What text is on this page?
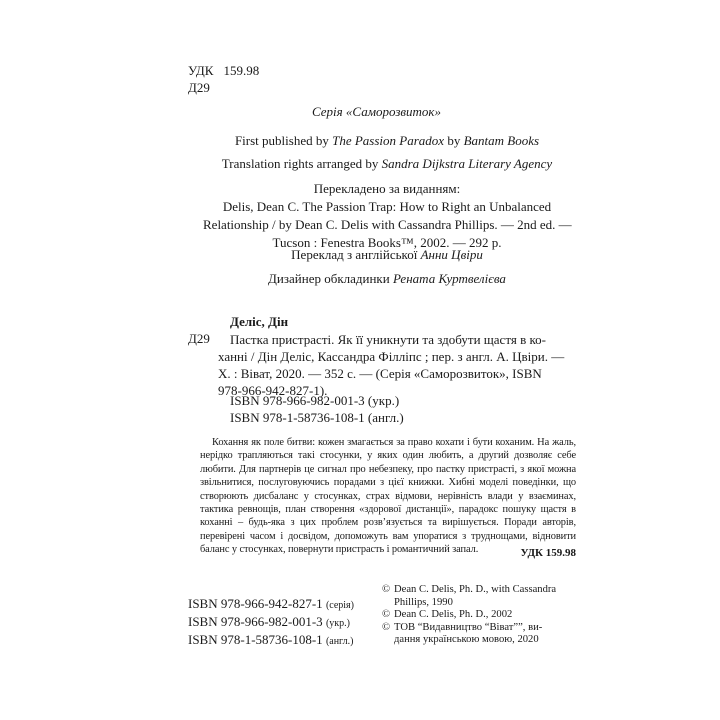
УДК 159.98
Д29
Серія «Саморозвиток»
First published by The Passion Paradox by Bantam Books
Translation rights arranged by Sandra Dijkstra Literary Agency
Перекладено за виданням:
Delis, Dean C. The Passion Trap: How to Right an Unbalanced
Relationship / by Dean C. Delis with Cassandra Phillips. — 2nd ed. —
Tucson : Fenestra Books™, 2002. — 292 p.
Переклад з англійської Анни Цвіри
Дизайнер обкладинки Рената Куртвелієва
Деліс, Дін
Д29 Пастка пристрасті. Як її уникнути та здобути щастя в ко-
ханні / Дін Деліс, Кассандра Філліпс ; пер. з англ. А. Цвіри. —
Х. : Віват, 2020. — 352 с. — (Серія «Саморозвиток», ISBN
978-966-942-827-1).
ISBN 978-966-982-001-3 (укр.)
ISBN 978-1-58736-108-1 (англ.)
Кохання як поле битви: кожен змагається за право кохати і бути коханим. На жаль, нерідко трапляються такі стосунки, у яких один любить, а другий дозволяє себе любити. Для партнерів це сигнал про небезпеку, про пастку пристрасті, з якої можна звільнитися, послуговуючись порадами з цієї книжки. Хибні моделі поведінки, що створюють дисбаланс у стосунках, страх відмови, нерівність влади у взаєминах, тактика ревнощів, план створення «здорової дистанції», парадокс пошуку щастя в коханні – будь-яка з цих проблем розв’язується та вирішується. Поради авторів, перевірені часом і досвідом, допоможуть вам упоратися з труднощами, відновити баланс у стосунках, повернути пристрасть і романтичний запал.	УДК 159.98
ISBN 978-966-942-827-1 (серія)
ISBN 978-966-982-001-3 (укр.)
ISBN 978-1-58736-108-1 (англ.)
© Dean C. Delis, Ph. D., with Cassandra
Phillips, 1990
© Dean C. Delis, Ph. D., 2002
© ТОВ “Видавництво “Віват””, ви-
дання українською мовою, 2020
